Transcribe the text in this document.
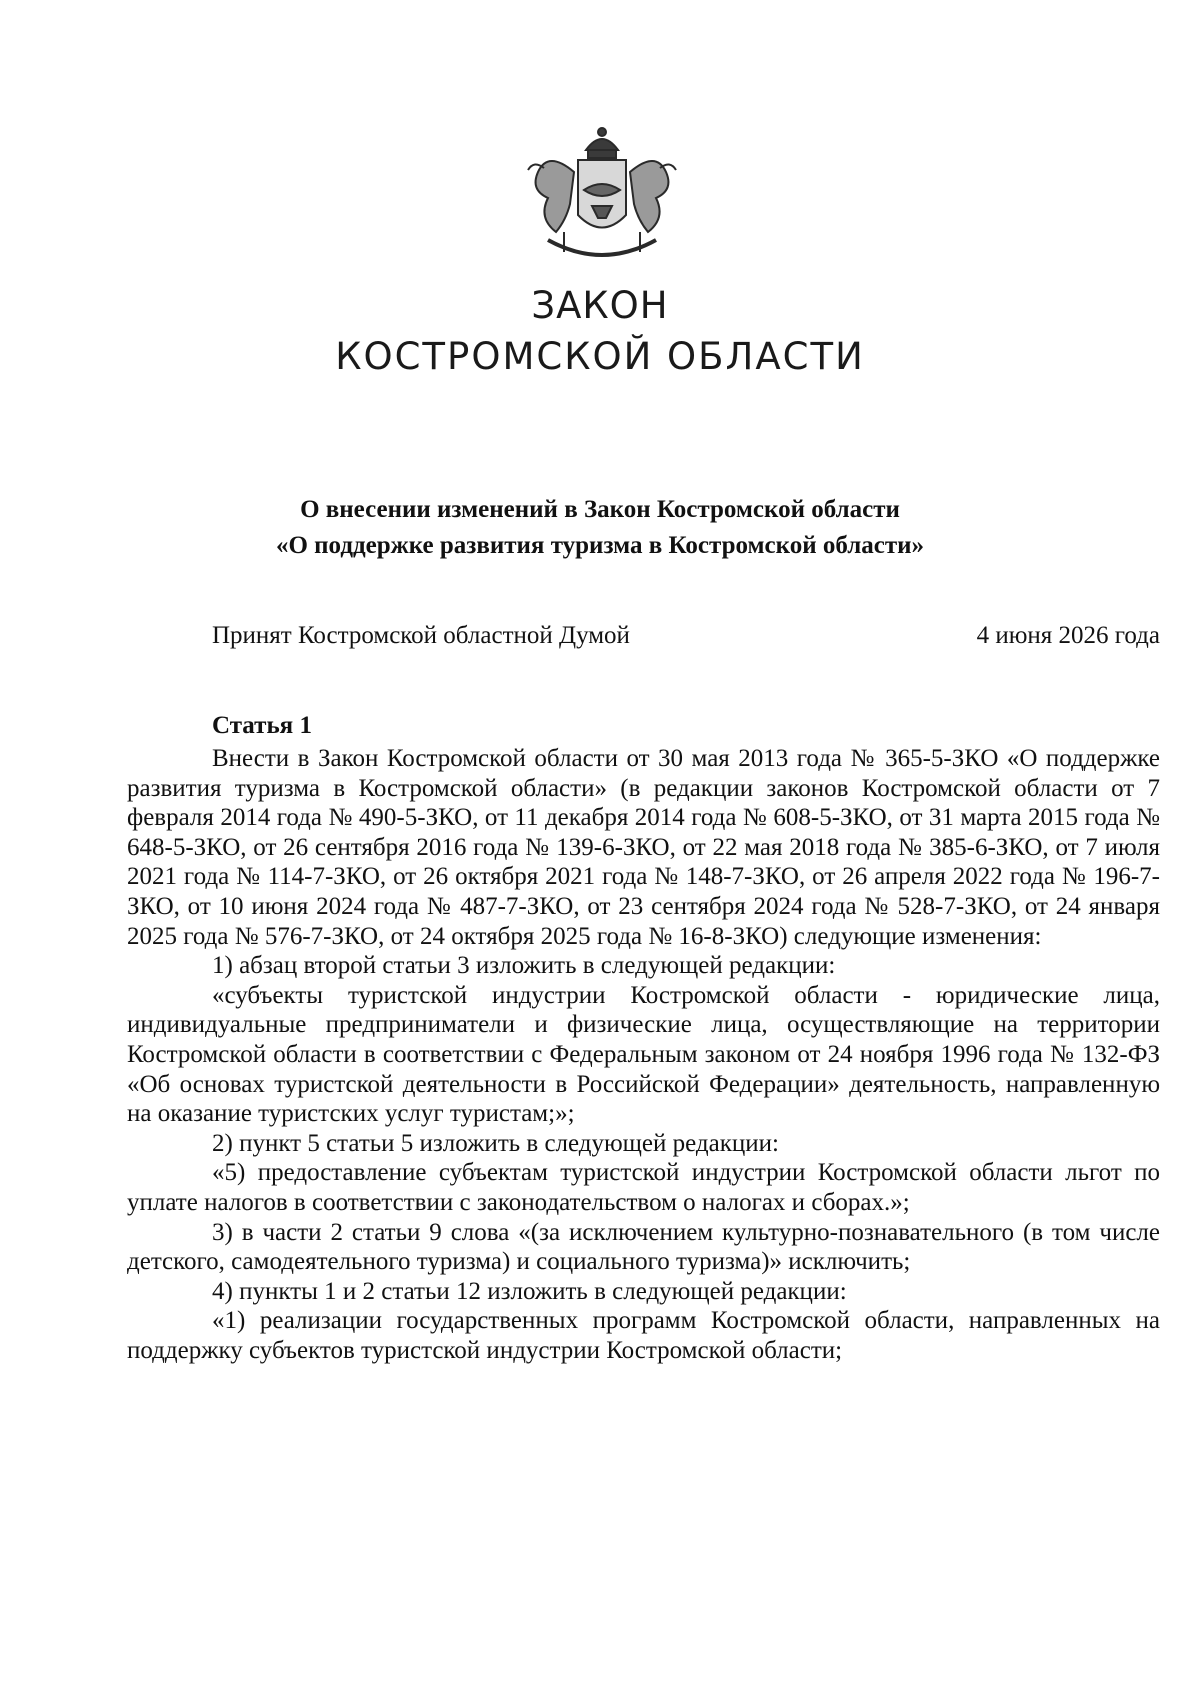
ЗАКОН
КОСТРОМСКОЙ ОБЛАСТИ
О внесении изменений в Закон Костромской области
«О поддержке развития туризма в Костромской области»
Принят Костромской областной Думой	4 июня 2026 года
Статья 1

Внести в Закон Костромской области от 30 мая 2013 года № 365-5-ЗКО «О поддержке развития туризма в Костромской области» (в редакции законов Костромской области от 7 февраля 2014 года № 490-5-ЗКО, от 11 декабря 2014 года № 608-5-ЗКО, от 31 марта 2015 года № 648-5-ЗКО, от 26 сентября 2016 года № 139-6-ЗКО, от 22 мая 2018 года № 385-6-ЗКО, от 7 июля 2021 года № 114-7-ЗКО, от 26 октября 2021 года № 148-7-ЗКО, от 26 апреля 2022 года № 196-7-ЗКО, от 10 июня 2024 года № 487-7-ЗКО, от 23 сентября 2024 года № 528-7-ЗКО, от 24 января 2025 года № 576-7-ЗКО, от 24 октября 2025 года № 16-8-ЗКО) следующие изменения:

1) абзац второй статьи 3 изложить в следующей редакции:

«субъекты туристской индустрии Костромской области - юридические лица, индивидуальные предприниматели и физические лица, осуществляющие на территории Костромской области в соответствии с Федеральным законом от 24 ноября 1996 года № 132-ФЗ «Об основах туристской деятельности в Российской Федерации» деятельность, направленную на оказание туристских услуг туристам;»;

2) пункт 5 статьи 5 изложить в следующей редакции:

«5) предоставление субъектам туристской индустрии Костромской области льгот по уплате налогов в соответствии с законодательством о налогах и сборах.»;

3) в части 2 статьи 9 слова «(за исключением культурно-познавательного (в том числе детского, самодеятельного туризма) и социального туризма)» исключить;

4) пункты 1 и 2 статьи 12 изложить в следующей редакции:

«1) реализации государственных программ Костромской области, направленных на поддержку субъектов туристской индустрии Костромской области;
